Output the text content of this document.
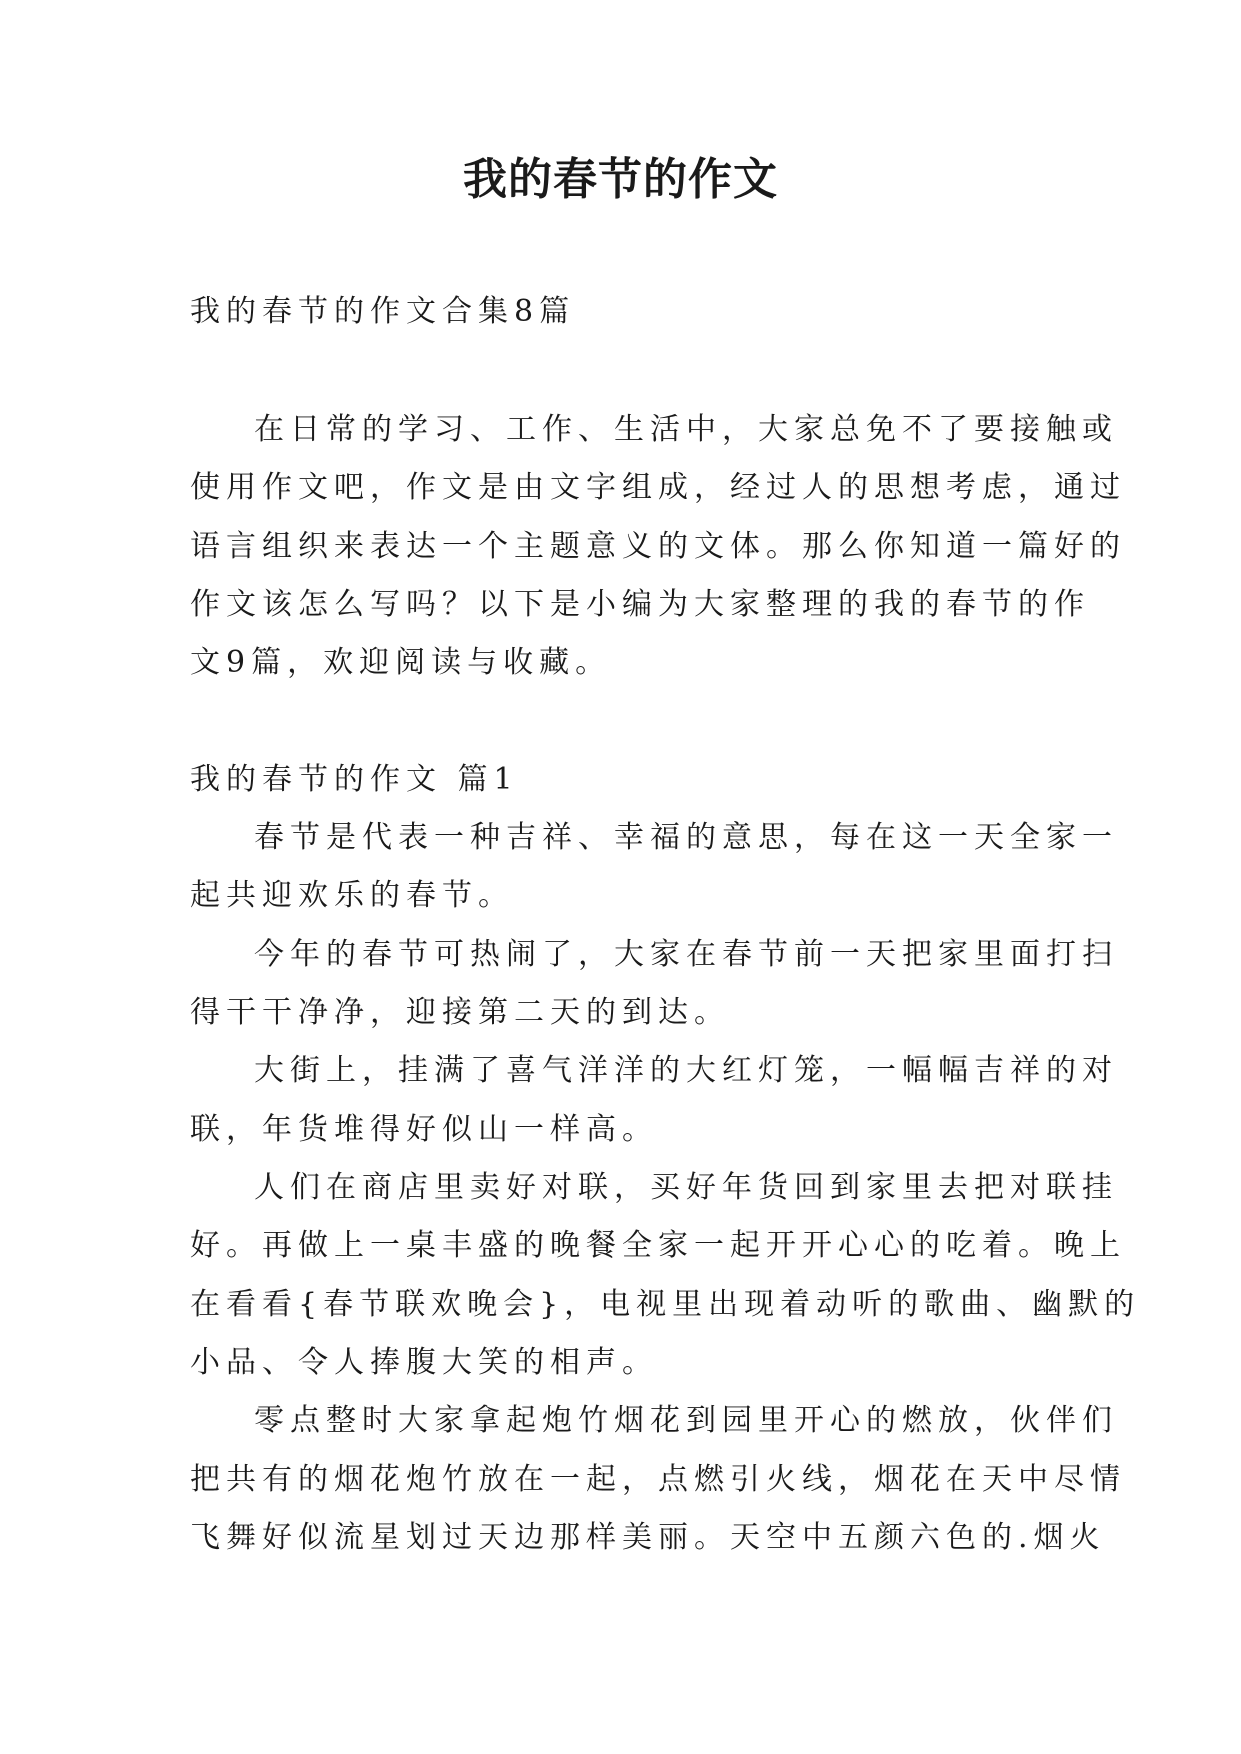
我的春节的作文

我的春节的作文合集8篇

在日常的学习、工作、生活中，大家总免不了要接触或

使用作文吧，作文是由文字组成，经过人的思想考虑，通过

语言组织来表达一个主题意义的文体。那么你知道一篇好的

作文该怎么写吗？以下是小编为大家整理的我的春节的作

文9篇，欢迎阅读与收藏。

我的春节的作文 篇1

春节是代表一种吉祥、幸福的意思，每在这一天全家一

起共迎欢乐的春节。

今年的春节可热闹了，大家在春节前一天把家里面打扫

得干干净净，迎接第二天的到达。

大街上，挂满了喜气洋洋的大红灯笼，一幅幅吉祥的对

联，年货堆得好似山一样高。

人们在商店里卖好对联，买好年货回到家里去把对联挂

好。再做上一桌丰盛的晚餐全家一起开开心心的吃着。晚上

在看看{春节联欢晚会}，电视里出现着动听的歌曲、幽默的

小品、令人捧腹大笑的相声。

零点整时大家拿起炮竹烟花到园里开心的燃放，伙伴们

把共有的烟花炮竹放在一起，点燃引火线，烟花在天中尽情

飞舞好似流星划过天边那样美丽。天空中五颜六色的.烟火
